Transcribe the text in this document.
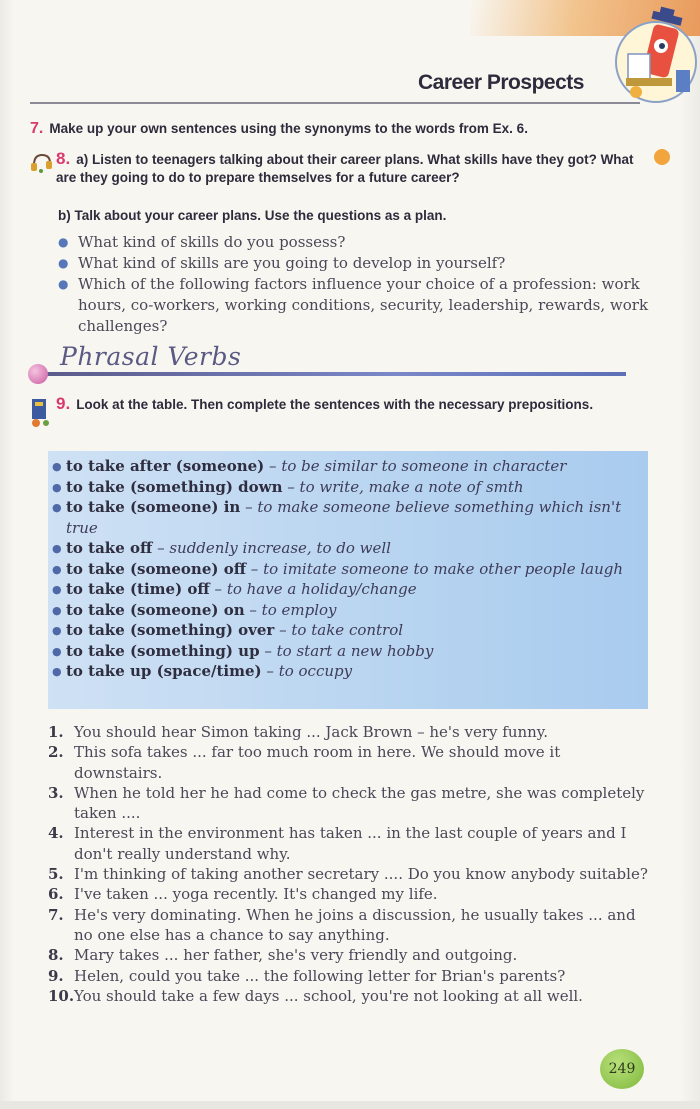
Career Prospects
7. Make up your own sentences using the synonyms to the words from Ex. 6.
8. a) Listen to teenagers talking about their career plans. What skills have they got? What are they going to do to prepare themselves for a future career?
b) Talk about your career plans. Use the questions as a plan.
● What kind of skills do you possess?
● What kind of skills are you going to develop in yourself?
● Which of the following factors influence your choice of a profession: work hours, co-workers, working conditions, security, leadership, rewards, work challenges?
Phrasal Verbs
9. Look at the table. Then complete the sentences with the necessary prepositions.
● to take after (someone) – to be similar to someone in character
● to take (something) down – to write, make a note of smth
● to take (someone) in – to make someone believe something which isn't true
● to take off – suddenly increase, to do well
● to take (someone) off – to imitate someone to make other people laugh
● to take (time) off – to have a holiday/change
● to take (someone) on – to employ
● to take (something) over – to take control
● to take (something) up – to start a new hobby
● to take up (space/time) – to occupy
1. You should hear Simon taking ... Jack Brown – he's very funny.
2. This sofa takes ... far too much room in here. We should move it downstairs.
3. When he told her he had come to check the gas metre, she was completely taken ....
4. Interest in the environment has taken ... in the last couple of years and I don't really understand why.
5. I'm thinking of taking another secretary .... Do you know anybody suitable?
6. I've taken ... yoga recently. It's changed my life.
7. He's very dominating. When he joins a discussion, he usually takes ... and no one else has a chance to say anything.
8. Mary takes ... her father, she's very friendly and outgoing.
9. Helen, could you take ... the following letter for Brian's parents?
10. You should take a few days ... school, you're not looking at all well.
249
